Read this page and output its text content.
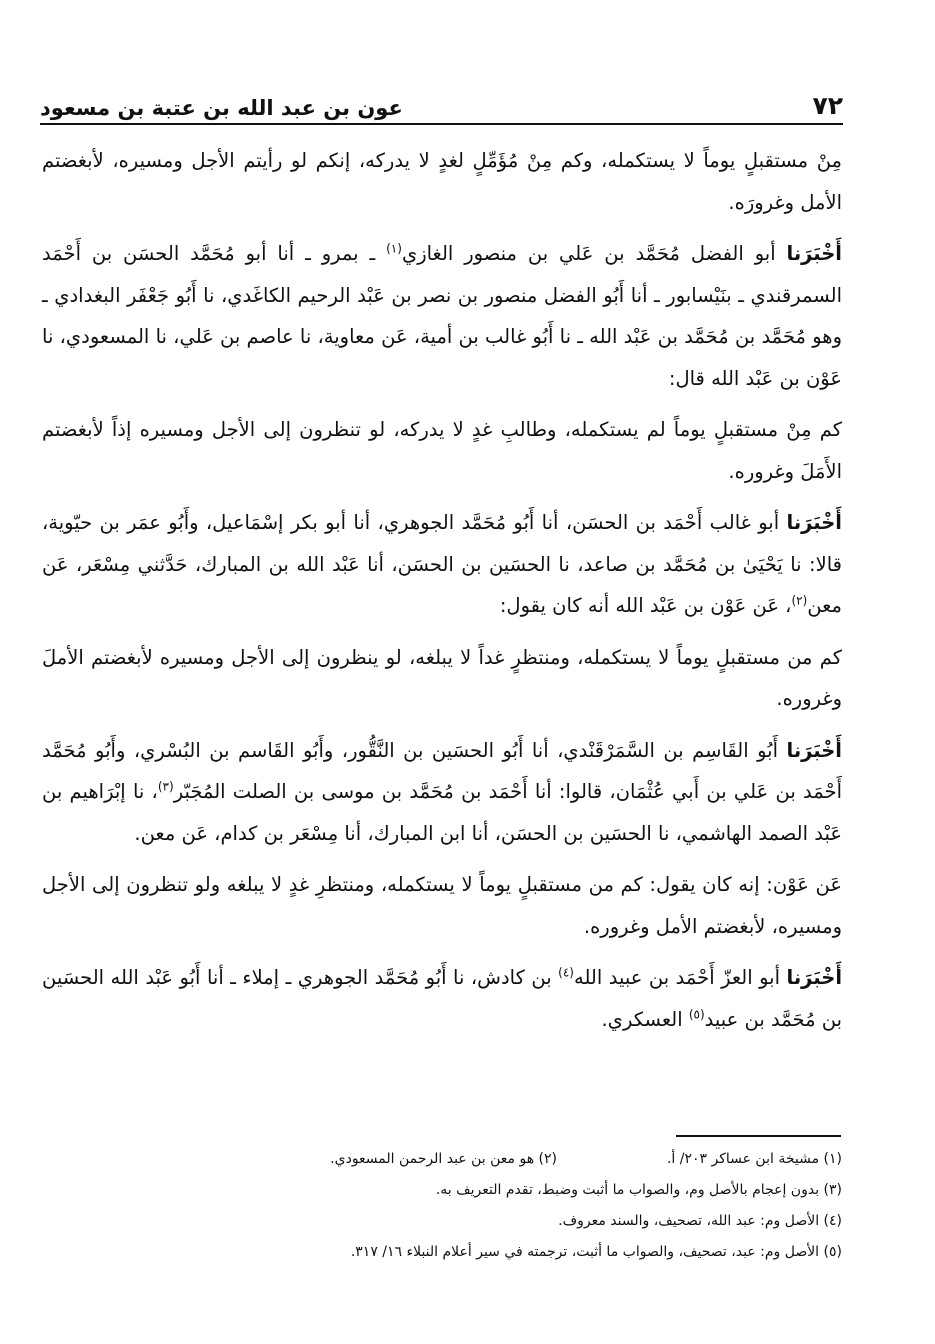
٧٢
عون بن عبد الله بن عتبة بن مسعود

مِنْ مستقبلٍ يوماً لا يستكمله، وكم مِنْ مُؤَمِّلٍ لغدٍ لا يدركه، إنكم لو رأيتم الأجل ومسيره، لأبغضتم الأمل وغرورَه.

أَخْبَرَنا أبو الفضل مُحَمَّد بن عَلي بن منصور الغازي$^{(١)}$ ـ بمرو ـ أنا أبو مُحَمَّد الحسَن بن أَحْمَد السمرقندي ـ بنَيْسابور ـ أنا أَبُو الفضل منصور بن نصر بن عَبْد الرحيم الكاغَدي، نا أَبُو جَعْفَر البغدادي ـ وهو مُحَمَّد بن مُحَمَّد بن عَبْد الله ـ نا أَبُو غالب بن أمية، عَن معاوية، نا عاصم بن عَلي، نا المسعودي، نا عَوْن بن عَبْد الله قال:

كم مِنْ مستقبلٍ يوماً لم يستكمله، وطالبِ غدٍ لا يدركه، لو تنظرون إلى الأجل ومسيره إذاً لأبغضتم الأَمَلَ وغروره.

أَخْبَرَنا أبو غالب أَحْمَد بن الحسَن، أنا أَبُو مُحَمَّد الجوهري، أنا أبو بكر إسْمَاعيل، وأَبُو عمَر بن حيّوية، قالا: نا يَحْيَىٰ بن مُحَمَّد بن صاعد، نا الحسَين بن الحسَن، أنا عَبْد الله بن المبارك، حَدَّثني مِسْعَر، عَن معن$^{(٢)}$، عَن عَوْن بن عَبْد الله أنه كان يقول:

كم من مستقبلٍ يوماً لا يستكمله، ومنتظرٍ غداً لا يبلغه، لو ينظرون إلى الأجل ومسيره لأبغضتم الأملَ وغروره.

أَخْبَرَنا أَبُو القَاسِم بن السَّمَرْقَنْدي، أنا أَبُو الحسَين بن النَّقُّور، وأَبُو القَاسم بن البُسْري، وأَبُو مُحَمَّد أَحْمَد بن عَلي بن أَبي عُثْمَان، قالوا: أنا أَحْمَد بن مُحَمَّد بن موسى بن الصلت المُجَبّر$^{(٣)}$، نا إبْرَاهيم بن عَبْد الصمد الهاشمي، نا الحسَين بن الحسَن، أنا ابن المبارك، أنا مِسْعَر بن كدام، عَن معن.

عَن عَوْن: إنه كان يقول: كم من مستقبلٍ يوماً لا يستكمله، ومنتظرِ غدٍ لا يبلغه ولو تنظرون إلى الأجل ومسيره، لأبغضتم الأمل وغروره.

أَخْبَرَنا أبو العزّ أَحْمَد بن عبيد الله$^{(٤)}$ بن كادش، نا أَبُو مُحَمَّد الجوهري ـ إملاء ـ أنا أَبُو عَبْد الله الحسَين بن مُحَمَّد بن عبيد$^{(٥)}$ العسكري.

(١) مشيخة ابن عساكر ٢٠٣/ أ.
(٢) هو معن بن عبد الرحمن المسعودي.
(٣) بدون إعجام بالأصل وم، والصواب ما أثبت وضبط، تقدم التعريف به.
(٤) الأصل وم: عبد الله، تصحيف، والسند معروف.
(٥) الأصل وم: عبد، تصحيف، والصواب ما أثبت، ترجمته في سير أعلام النبلاء ١٦/ ٣١٧.
